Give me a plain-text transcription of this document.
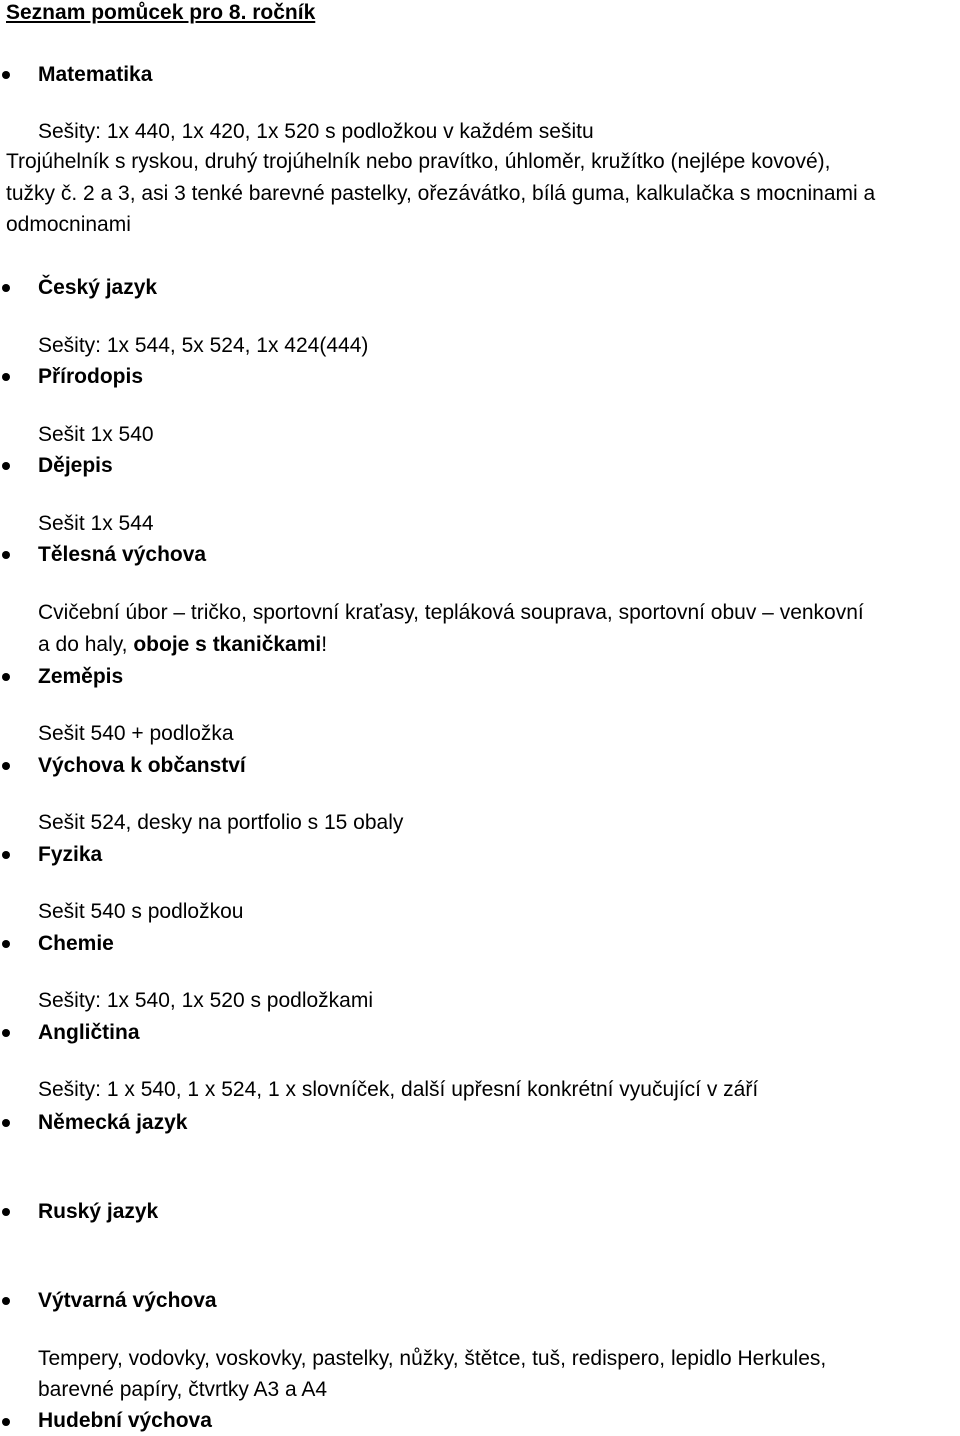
Seznam pomůcek pro 8. ročník
Matematika
Sešity: 1x 440, 1x 420, 1x 520 s podložkou v každém sešitu
Trojúhelník s ryskou, druhý trojúhelník nebo pravítko, úhloměr, kružítko (nejlépe kovové),
tužky č. 2 a 3, asi 3 tenké barevné pastelky, ořezávátko, bílá guma, kalkulačka s mocninami a
odmocninami
Český jazyk
Sešity: 1x 544, 5x 524, 1x 424(444)
Přírodopis
Sešit 1x 540
Dějepis
Sešit 1x 544
Tělesná výchova
Cvičební úbor – tričko, sportovní kraťasy, tepláková souprava, sportovní obuv – venkovní
a do haly, oboje s tkaničkami!
Zeměpis
Sešit 540 + podložka
Výchova k občanství
Sešit 524, desky na portfolio s 15 obaly
Fyzika
Sešit 540 s podložkou
Chemie
Sešity: 1x 540, 1x 520 s podložkami
Angličtina
Sešity: 1 x 540, 1 x 524, 1 x slovníček, další upřesní konkrétní vyučující v září
Německá jazyk
Ruský jazyk
Výtvarná výchova
Tempery, vodovky, voskovky, pastelky, nůžky, štětce, tuš, redispero, lepidlo Herkules,
barevné papíry, čtvrtky A3 a A4
Hudební výchova
